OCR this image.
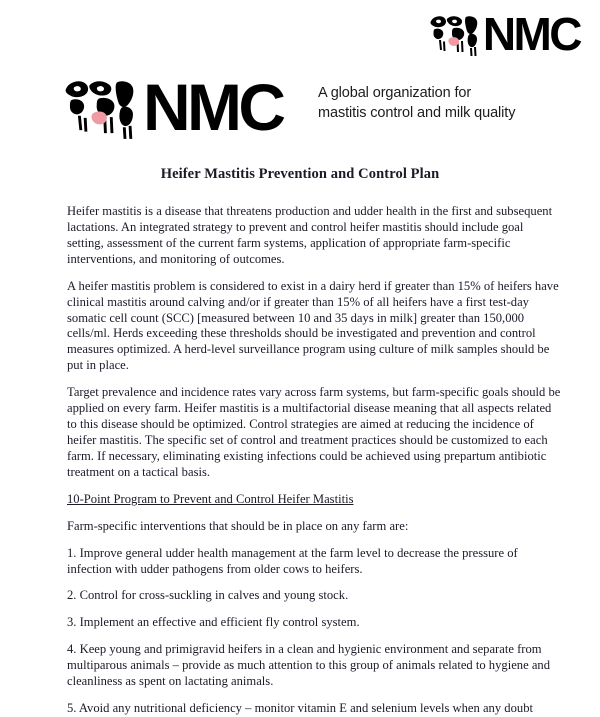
NMC
NMC A global organization for
mastitis control and milk quality
Heifer Mastitis Prevention and Control Plan

Heifer mastitis is a disease that threatens production and udder health in the first and subsequent lactations. An integrated strategy to prevent and control heifer mastitis should include goal setting, assessment of the current farm systems, application of appropriate farm-specific interventions, and monitoring of outcomes.

A heifer mastitis problem is considered to exist in a dairy herd if greater than 15% of heifers have clinical mastitis around calving and/or if greater than 15% of all heifers have a first test-day somatic cell count (SCC) [measured between 10 and 35 days in milk] greater than 150,000 cells/ml. Herds exceeding these thresholds should be investigated and prevention and control measures optimized. A herd-level surveillance program using culture of milk samples should be put in place.

Target prevalence and incidence rates vary across farm systems, but farm-specific goals should be applied on every farm. Heifer mastitis is a multifactorial disease meaning that all aspects related to this disease should be optimized. Control strategies are aimed at reducing the incidence of heifer mastitis. The specific set of control and treatment practices should be customized to each farm. If necessary, eliminating existing infections could be achieved using prepartum antibiotic treatment on a tactical basis.

10-Point Program to Prevent and Control Heifer Mastitis

Farm-specific interventions that should be in place on any farm are:

1. Improve general udder health management at the farm level to decrease the pressure of infection with udder pathogens from older cows to heifers.

2. Control for cross-suckling in calves and young stock.

3. Implement an effective and efficient fly control system.

4. Keep young and primigravid heifers in a clean and hygienic environment and separate from multiparous animals – provide as much attention to this group of animals related to hygiene and cleanliness as spent on lactating animals.

5. Avoid any nutritional deficiency – monitor vitamin E and selenium levels when any doubt
